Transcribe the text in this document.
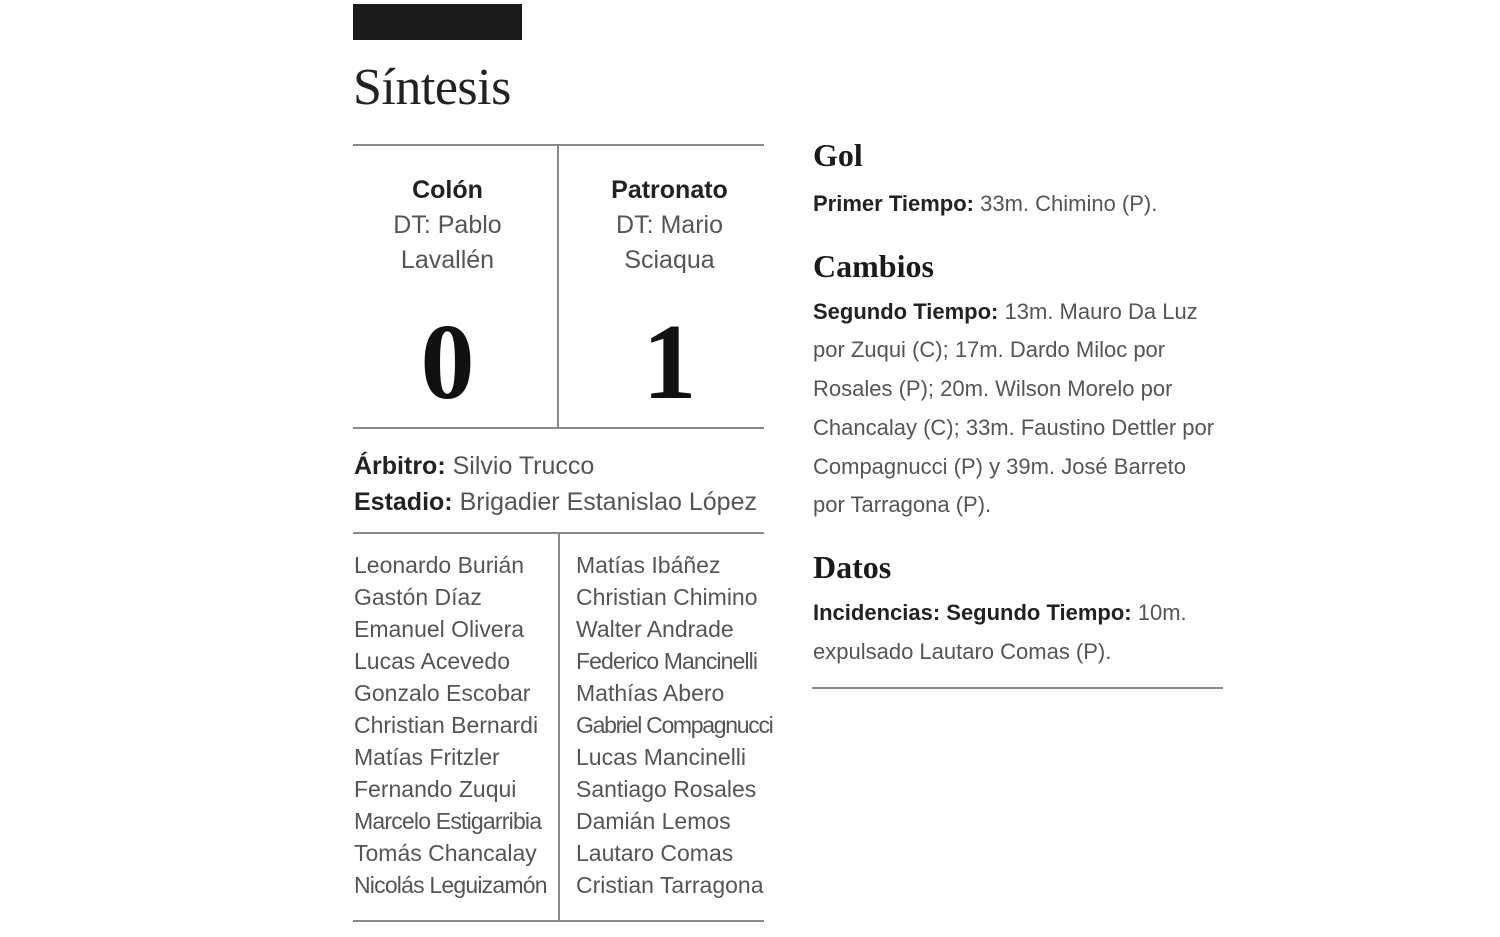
Síntesis
Colón
DT: Pablo
Lavallén
0
Patronato
DT: Mario
Sciaqua
1
Árbitro: Silvio Trucco
Estadio: Brigadier Estanislao López
Leonardo Burián
Gastón Díaz
Emanuel Olivera
Lucas Acevedo
Gonzalo Escobar
Christian Bernardi
Matías Fritzler
Fernando Zuqui
Marcelo Estigarribia
Tomás Chancalay
Nicolás Leguizamón
Matías Ibáñez
Christian Chimino
Walter Andrade
Federico Mancinelli
Mathías Abero
Gabriel Compagnucci
Lucas Mancinelli
Santiago Rosales
Damián Lemos
Lautaro Comas
Cristian Tarragona
Gol

Primer Tiempo: 33m. Chimino (P).

Cambios

Segundo Tiempo: 13m. Mauro Da Luz por Zuqui (C); 17m. Dardo Miloc por Rosales (P); 20m. Wilson Morelo por Chancalay (C); 33m. Faustino Dettler por Compagnucci (P) y 39m. José Barreto por Tarragona (P).

Datos

Incidencias: Segundo Tiempo: 10m. expulsado Lautaro Comas (P).
